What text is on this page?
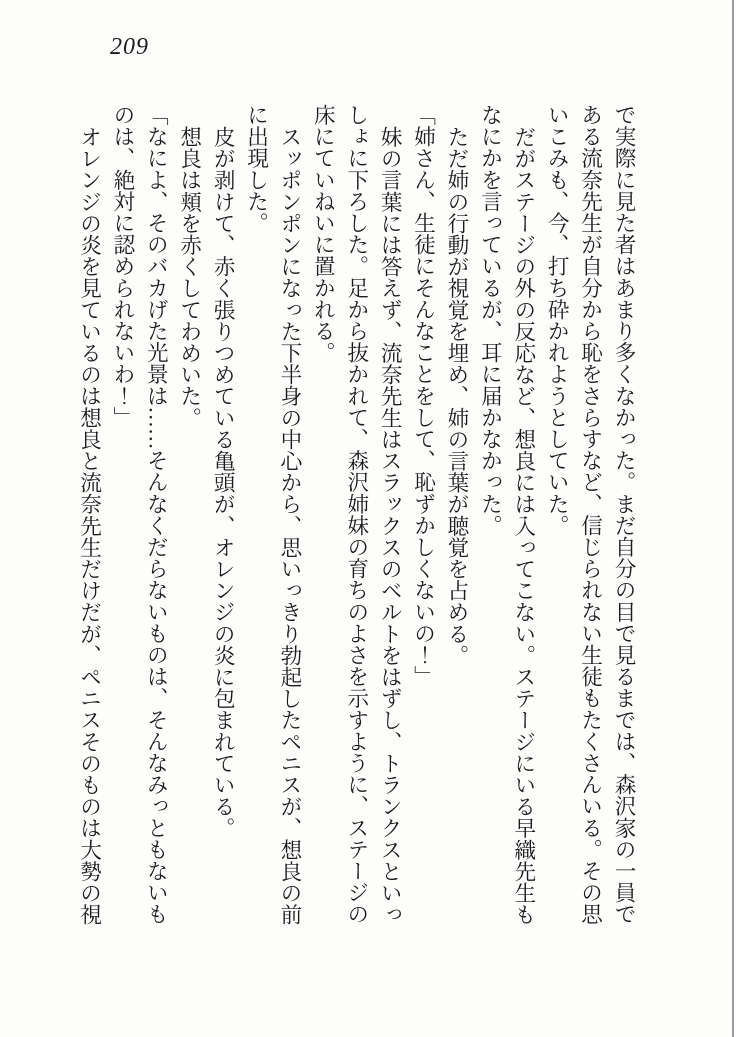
209

で実際に見た者はあまり多くなかった。まだ自分の目で見るまでは、森沢家の一員である流奈先生が自分から恥をさらすなど、信じられない生徒もたくさんいる。その思いこみも、今、打ち砕かれようとしていた。

だがステージの外の反応など、想良には入ってこない。ステージにいる早織先生もなにかを言っているが、耳に届かなかった。

ただ姉の行動が視覚を埋め、姉の言葉が聴覚を占める。

「姉さん、生徒にそんなことをして、恥ずかしくないの！」

妹の言葉には答えず、流奈先生はスラックスのベルトをはずし、トランクスといっしょに下ろした。足から抜かれて、森沢姉妹の育ちのよさを示すように、ステージの床にていねいに置かれる。

スッポンポンになった下半身の中心から、思いっきり勃起したペニスが、想良の前に出現した。

皮が剥けて、赤く張りつめている亀頭が、オレンジの炎に包まれている。

想良は頬を赤くしてわめいた。

「なによ、そのバカげた光景は……そんなくだらないものは、そんなみっともないものは、絶対に認められないわ！」

オレンジの炎を見ているのは想良と流奈先生だけだが、ペニスそのものは大勢の視
